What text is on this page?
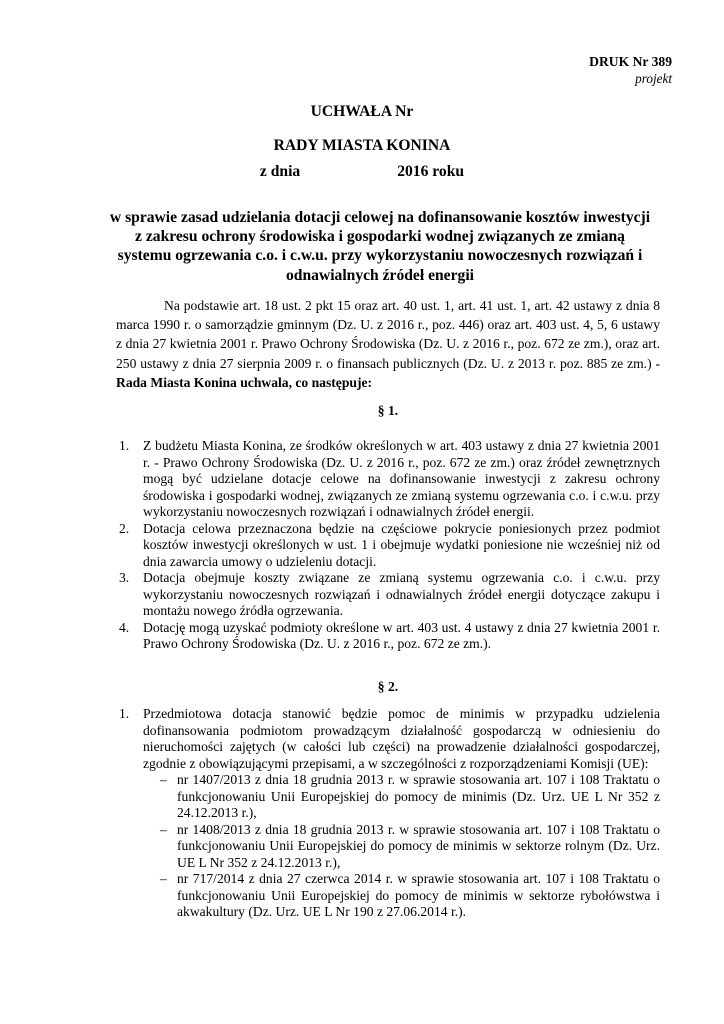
DRUK Nr 389
projekt
UCHWAŁA Nr
RADY MIASTA KONINA
z dnia	2016 roku
w sprawie zasad udzielania dotacji celowej na dofinansowanie kosztów inwestycji z zakresu ochrony środowiska i gospodarki wodnej związanych ze zmianą systemu ogrzewania c.o. i c.w.u. przy wykorzystaniu nowoczesnych rozwiązań i odnawialnych źródeł energii
Na podstawie art. 18 ust. 2 pkt 15 oraz art. 40 ust. 1, art. 41 ust. 1, art. 42 ustawy z dnia 8 marca 1990 r. o samorządzie gminnym (Dz. U. z 2016 r., poz. 446) oraz art. 403 ust. 4, 5, 6 ustawy z dnia 27 kwietnia 2001 r. Prawo Ochrony Środowiska (Dz. U. z 2016 r., poz. 672 ze zm.), oraz art. 250 ustawy z dnia 27 sierpnia 2009 r. o finansach publicznych (Dz. U. z 2013 r. poz. 885 ze zm.) - Rada Miasta Konina uchwala, co następuje:
§ 1.
1. Z budżetu Miasta Konina, ze środków określonych w art. 403 ustawy z dnia 27 kwietnia 2001 r. - Prawo Ochrony Środowiska (Dz. U. z 2016 r., poz. 672 ze zm.) oraz źródeł zewnętrznych mogą być udzielane dotacje celowe na dofinansowanie inwestycji z zakresu ochrony środowiska i gospodarki wodnej, związanych ze zmianą systemu ogrzewania c.o. i c.w.u. przy wykorzystaniu nowoczesnych rozwiązań i odnawialnych źródeł energii.
2. Dotacja celowa przeznaczona będzie na częściowe pokrycie poniesionych przez podmiot kosztów inwestycji określonych w ust. 1 i obejmuje wydatki poniesione nie wcześniej niż od dnia zawarcia umowy o udzieleniu dotacji.
3. Dotacja obejmuje koszty związane ze zmianą systemu ogrzewania c.o. i c.w.u. przy wykorzystaniu nowoczesnych rozwiązań i odnawialnych źródeł energii dotyczące zakupu i montażu nowego źródła ogrzewania.
4. Dotację mogą uzyskać podmioty określone w art. 403 ust. 4 ustawy z dnia 27 kwietnia 2001 r. Prawo Ochrony Środowiska (Dz. U. z 2016 r., poz. 672 ze zm.).
§ 2.
1. Przedmiotowa dotacja stanowić będzie pomoc de minimis w przypadku udzielenia dofinansowania podmiotom prowadzącym działalność gospodarczą w odniesieniu do nieruchomości zajętych (w całości lub części) na prowadzenie działalności gospodarczej, zgodnie z obowiązującymi przepisami, a w szczególności z rozporządzeniami Komisji (UE):
– nr 1407/2013 z dnia 18 grudnia 2013 r. w sprawie stosowania art. 107 i 108 Traktatu o funkcjonowaniu Unii Europejskiej do pomocy de minimis (Dz. Urz. UE L Nr 352 z 24.12.2013 r.),
– nr 1408/2013 z dnia 18 grudnia 2013 r. w sprawie stosowania art. 107 i 108 Traktatu o funkcjonowaniu Unii Europejskiej do pomocy de minimis w sektorze rolnym (Dz. Urz. UE L Nr 352 z 24.12.2013 r.),
– nr 717/2014 z dnia 27 czerwca 2014 r. w sprawie stosowania art. 107 i 108 Traktatu o funkcjonowaniu Unii Europejskiej do pomocy de minimis w sektorze rybołówstwa i akwakultury (Dz. Urz. UE L Nr 190 z 27.06.2014 r.).
